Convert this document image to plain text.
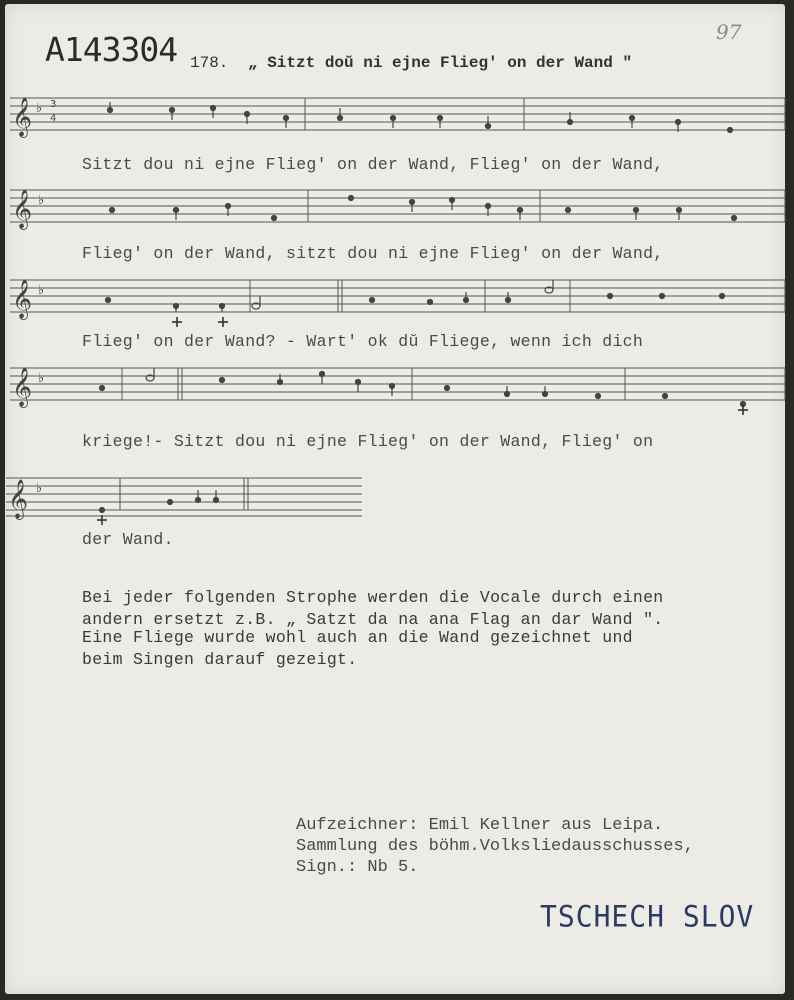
A143304	97
178. „ Sitzt doŭ ni ejne Flieg' on der Wand "
𝄞
𝄞
𝄞
𝄞
𝄞
♭
♭
♭
♭
♭
3
4
Sitzt dou ni ejne Flieg' on der Wand, Flieg' on der Wand,
Flieg' on der Wand, sitzt dou ni ejne Flieg' on der Wand,
Flieg' on der Wand? - Wart' ok dŭ Fliege, wenn ich dich
kriege!- Sitzt dou ni ejne Flieg' on der Wand, Flieg' on
der Wand.
Bei jeder folgenden Strophe werden die Vocale durch einen
andern ersetzt z.B. „ Satzt da na ana Flag an dar Wand ".
Eine Fliege wurde wohl auch an die Wand gezeichnet und
beim Singen darauf gezeigt.
Aufzeichner: Emil Kellner aus Leipa.
Sammlung des böhm.Volksliedausschusses,
Sign.: Nb 5.
TSCHECH SLOV
